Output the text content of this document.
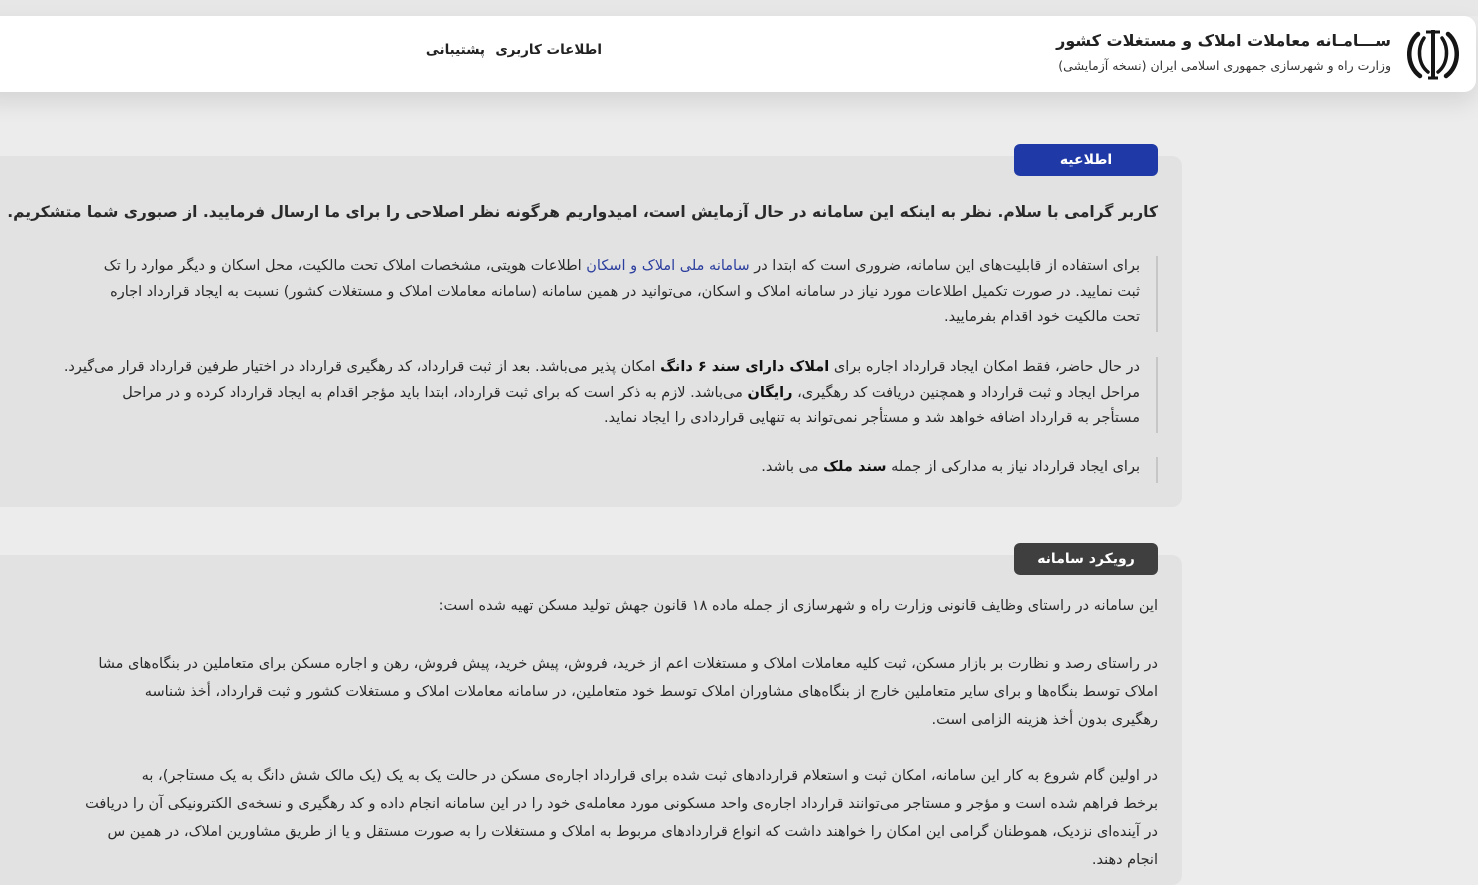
ســـامـانه معاملات املاک و مستغلات کشور
وزارت راه و شهرسازی جمهوری اسلامی ایران (نسخه آزمایشی)
اطلاعات کاربری
پشتیبانی
اطلاعیه
کاربر گرامی با سلام. نظر به اینکه این سامانه در حال آزمایش است، امیدواریم هرگونه نظر اصلاحی را برای ما ارسال فرمایید. از صبوری شما متشکریم.
برای استفاده از قابلیت‌های این سامانه، ضروری است که ابتدا در سامانه ملی املاک و اسکان اطلاعات هویتی، مشخصات املاک تحت مالکیت، محل اسکان و دیگر موارد را تک
ثبت نمایید. در صورت تکمیل اطلاعات مورد نیاز در سامانه املاک و اسکان، می‌توانید در همین سامانه (سامانه معاملات املاک و مستغلات کشور) نسبت به ایجاد قرارداد اجاره
تحت مالکیت خود اقدام بفرمایید.
در حال حاضر، فقط امکان ایجاد قرارداد اجاره برای املاک دارای سند ۶ دانگ امکان پذیر می‌باشد. بعد از ثبت قرارداد، کد رهگیری قرارداد در اختیار طرفین قرارداد قرار می‌گیرد.
مراحل ایجاد و ثبت قرارداد و همچنین دریافت کد رهگیری، رایگان می‌باشد. لازم به ذکر است که برای ثبت قرارداد، ابتدا باید مؤجر اقدام به ایجاد قرارداد کرده و در مراحل
مستأجر به قرارداد اضافه خواهد شد و مستأجر نمی‌تواند به تنهایی قراردادی را ایجاد نماید.
برای ایجاد قرارداد نیاز به مدارکی از جمله سند ملک می باشد.
رویکرد سامانه
این سامانه در راستای وظایف قانونی وزارت راه و شهرسازی از جمله ماده ۱۸ قانون جهش تولید مسکن تهیه شده است:
در راستای رصد و نظارت بر بازار مسکن، ثبت کلیه معاملات املاک و مستغلات اعم از خرید، فروش، پیش خرید، پیش فروش، رهن و اجاره مسکن برای متعاملین در بنگاه‌های مشا
املاک توسط بنگاه‌ها و برای سایر متعاملین خارج از بنگاه‌های مشاوران املاک توسط خود متعاملین، در سامانه معاملات املاک و مستغلات کشور و ثبت قرارداد، أخذ شناسه
رهگیری بدون أخذ هزینه الزامی است.
در اولین گام شروع به کار این سامانه، امکان ثبت و استعلام قراردادهای ثبت شده برای قرارداد اجاره‌ی مسکن در حالت یک به یک (یک مالک شش دانگ به یک مستاجر)، به
برخط فراهم شده است و مؤجر و مستاجر می‌توانند قرارداد اجاره‌ی واحد مسکونی مورد معامله‌ی خود را در این سامانه انجام داده و کد رهگیری و نسخه‌ی الکترونیکی آن را دریافت
در آینده‌ای نزدیک، هموطنان گرامی این امکان را خواهند داشت که انواع قراردادهای مربوط به املاک و مستغلات را به صورت مستقل و یا از طریق مشاورین املاک، در همین س
انجام دهند.
